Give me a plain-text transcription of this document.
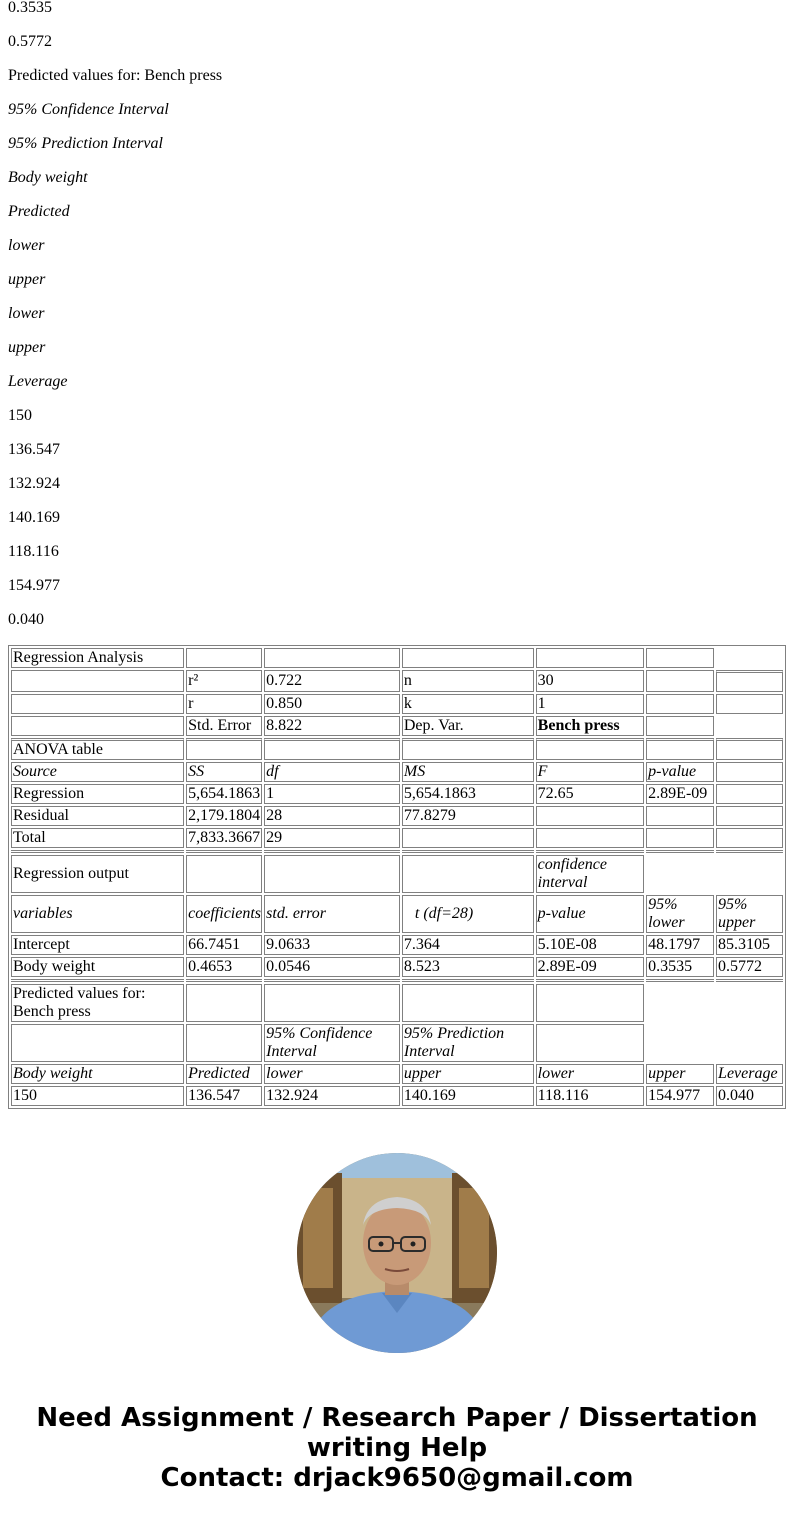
0.3535

0.5772

Predicted values for: Bench press

95% Confidence Interval

95% Prediction Interval

Body weight

Predicted

lower

upper

lower

upper

Leverage

150

136.547

132.924

140.169

118.116

154.977

0.040

Regression Analysis						
	r²	0.722	n	30		
	r	0.850	k	1		
	Std. Error	8.822	Dep. Var.	Bench press		
ANOVA table						
Source	SS	df	MS	F	p-value	
Regression	5,654.1863	1	5,654.1863	72.65	2.89E-09	
Residual	2,179.1804	28	77.8279			
Total	7,833.3667	29				

Regression output				confidence interval		
variables	coefficients	std. error	t (df=28)	p-value	95% lower	95% upper
Intercept	66.7451	9.0633	7.364	5.10E-08	48.1797	85.3105
Body weight	0.4653	0.0546	8.523	2.89E-09	0.3535	0.5772

Predicted values for: Bench press						
		95% Confidence Interval	95% Prediction Interval			
Body weight	Predicted	lower	upper	lower	upper	Leverage
150	136.547	132.924	140.169	118.116	154.977	0.040

Need Assignment / Research Paper / Dissertation

writing Help

Contact: drjack9650@gmail.com
